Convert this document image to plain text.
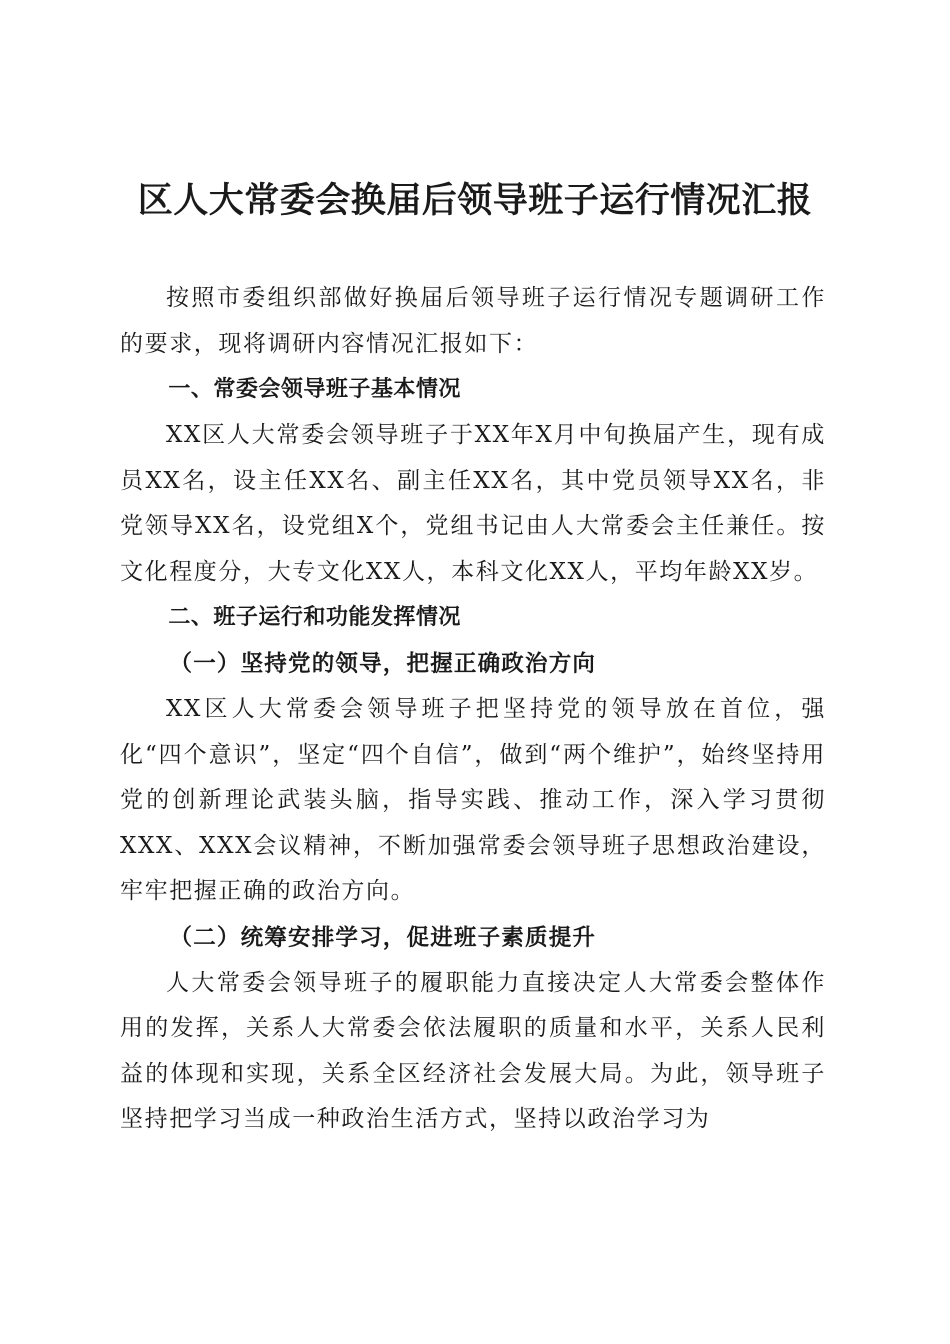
区人大常委会换届后领导班子运行情况汇报

按照市委组织部做好换届后领导班子运行情况专题调研工作的要求，现将调研内容情况汇报如下：

一、常委会领导班子基本情况

XX区人大常委会领导班子于XX年X月中旬换届产生，现有成员XX名，设主任XX名、副主任XX名，其中党员领导XX名，非党领导XX名，设党组X个，党组书记由人大常委会主任兼任。按文化程度分，大专文化XX人，本科文化XX人，平均年龄XX岁。

二、班子运行和功能发挥情况

（一）坚持党的领导，把握正确政治方向

XX区人大常委会领导班子把坚持党的领导放在首位，强化“四个意识”，坚定“四个自信”，做到“两个维护”，始终坚持用党的创新理论武装头脑，指导实践、推动工作，深入学习贯彻XXX、XXX会议精神，不断加强常委会领导班子思想政治建设，牢牢把握正确的政治方向。

（二）统筹安排学习，促进班子素质提升

人大常委会领导班子的履职能力直接决定人大常委会整体作用的发挥，关系人大常委会依法履职的质量和水平，关系人民利益的体现和实现，关系全区经济社会发展大局。为此，领导班子坚持把学习当成一种政治生活方式，坚持以政治学习为
